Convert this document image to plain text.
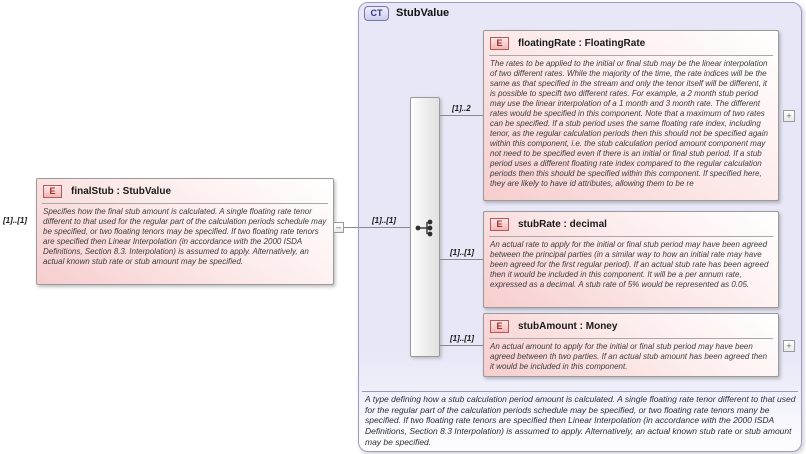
[1]..[1]
E	finalStub : StubValue
Specifies how the final stub amount is calculated. A single floating rate tenor different to that used for the regular part of the calculation periods schedule may be specified, or two floating tenors may be specified. If two floating rate tenors are specified then Linear Interpolation (in accordance with the 2000 ISDA Definitions, Section 8.3. Interpolation) is assumed to apply. Alternatively, an actual known stub rate or stub amount may be specified.
–
CT	StubValue
[1]..[1]
[1]..2
[1]..[1]
[1]..[1]
E	floatingRate : FloatingRate
The rates to be applied to the initial or final stub may be the linear interpolation of two different rates. While the majority of the time, the rate indices will be the same as that specified in the stream and only the tenor itself will be different, it is possible to specift two different rates. For example, a 2 month stub period may use the linear interpolation of a 1 month and 3 month rate. The different rates would be specified in this component. Note that a maximum of two rates can be specified. If a stub period uses the same floating rate index, including tenor, as the regular calculation periods then this should not be specified again within this component, i.e. the stub calculation period amount component may not need to be specified even if there is an initial or final stub period. If a stub period uses a different floating rate index compared to the regular calculation periods then this should be specified within this component. If specified here, they are likely to have id attributes, allowing them to be re
+
E	stubRate : decimal
An actual rate to apply for the initial or final stub period may have been agreed between the principal parties (in a similar way to how an initial rate may have been agreed for the first regular period). If an actual stub rate has been agreed then it would be included in this component. It will be a per annum rate, expressed as a decimal. A stub rate of 5% would be represented as 0.05.
E	stubAmount : Money
An actual amount to apply for the initial or final stub period may have been agreed between th two parties. If an actual stub amount has been agreed then it would be included in this component.
+
A type defining how a stub calculation period amount is calculated. A single floating rate tenor different to that used for the regular part of the calculation periods schedule may be specified, or two floating rate tenors many be specified. If two floating rate tenors are specified then Linear Interpolation (in accordance with the 2000 ISDA Definitions, Section 8.3 Interpolation) is assumed to apply. Alternatively, an actual known stub rate or stub amount may be specified.
